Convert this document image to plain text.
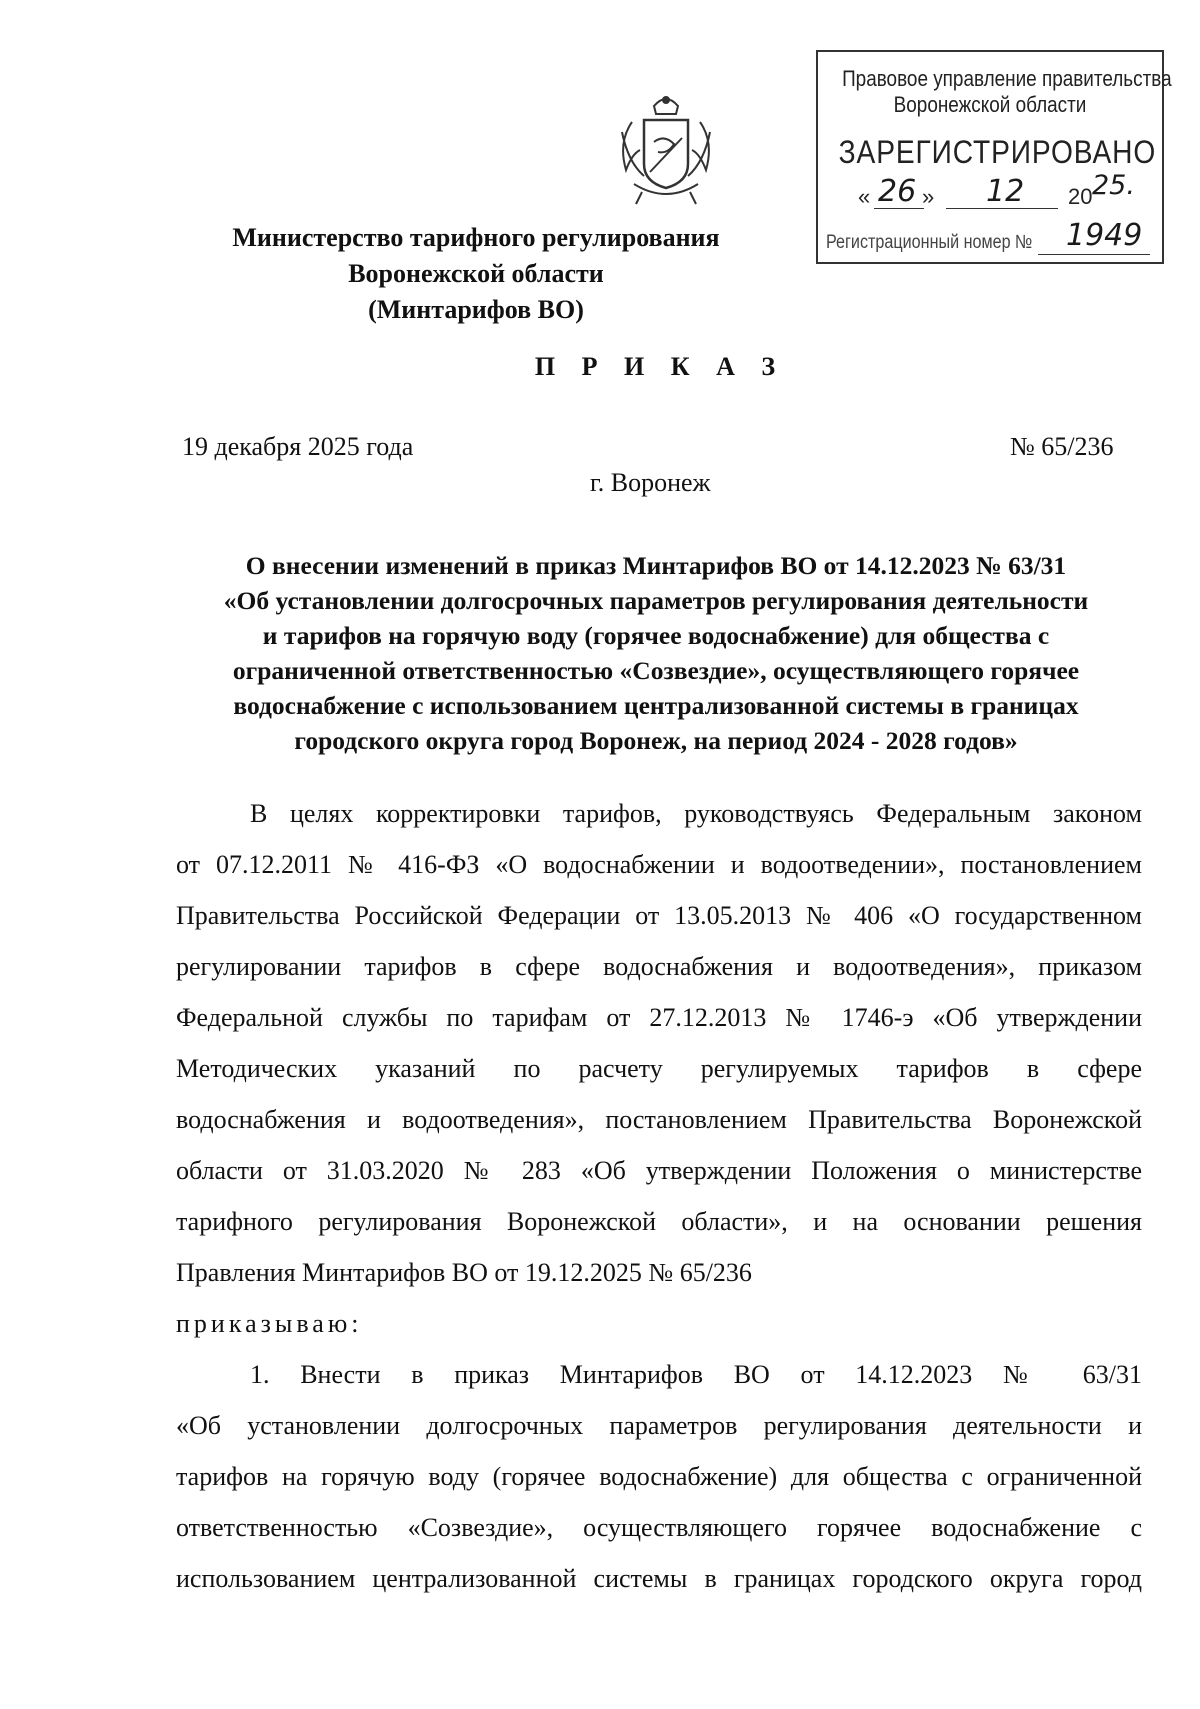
Правовое управление правительства
Воронежской области
ЗАРЕГИСТРИРОВАНО
« 26 » 12 20 25.
Регистрационный номер № 1949
Министерство тарифного регулирования
Воронежской области
(Минтарифов ВО)
П Р И К А З
19 декабря 2025 года	№ 65/236
г. Воронеж
О внесении изменений в приказ Минтарифов ВО от 14.12.2023 № 63/31
«Об установлении долгосрочных параметров регулирования деятельности
и тарифов на горячую воду (горячее водоснабжение) для общества с
ограниченной ответственностью «Созвездие», осуществляющего горячее
водоснабжение с использованием централизованной системы в границах
городского округа город Воронеж, на период 2024 - 2028 годов»
В целях корректировки тарифов, руководствуясь Федеральным законом
от 07.12.2011 № 416-ФЗ «О водоснабжении и водоотведении», постановлением
Правительства Российской Федерации от 13.05.2013 № 406 «О государственном
регулировании тарифов в сфере водоснабжения и водоотведения», приказом
Федеральной службы по тарифам от 27.12.2013 № 1746-э «Об утверждении
Методических указаний по расчету регулируемых тарифов в сфере
водоснабжения и водоотведения», постановлением Правительства Воронежской
области от 31.03.2020 № 283 «Об утверждении Положения о министерстве
тарифного регулирования Воронежской области», и на основании решения
Правления Минтарифов ВО от 19.12.2025 № 65/236
приказываю:
1. Внести в приказ Минтарифов ВО от 14.12.2023 № 63/31
«Об установлении долгосрочных параметров регулирования деятельности и
тарифов на горячую воду (горячее водоснабжение) для общества с ограниченной
ответственностью «Созвездие», осуществляющего горячее водоснабжение с
использованием централизованной системы в границах городского округа город
